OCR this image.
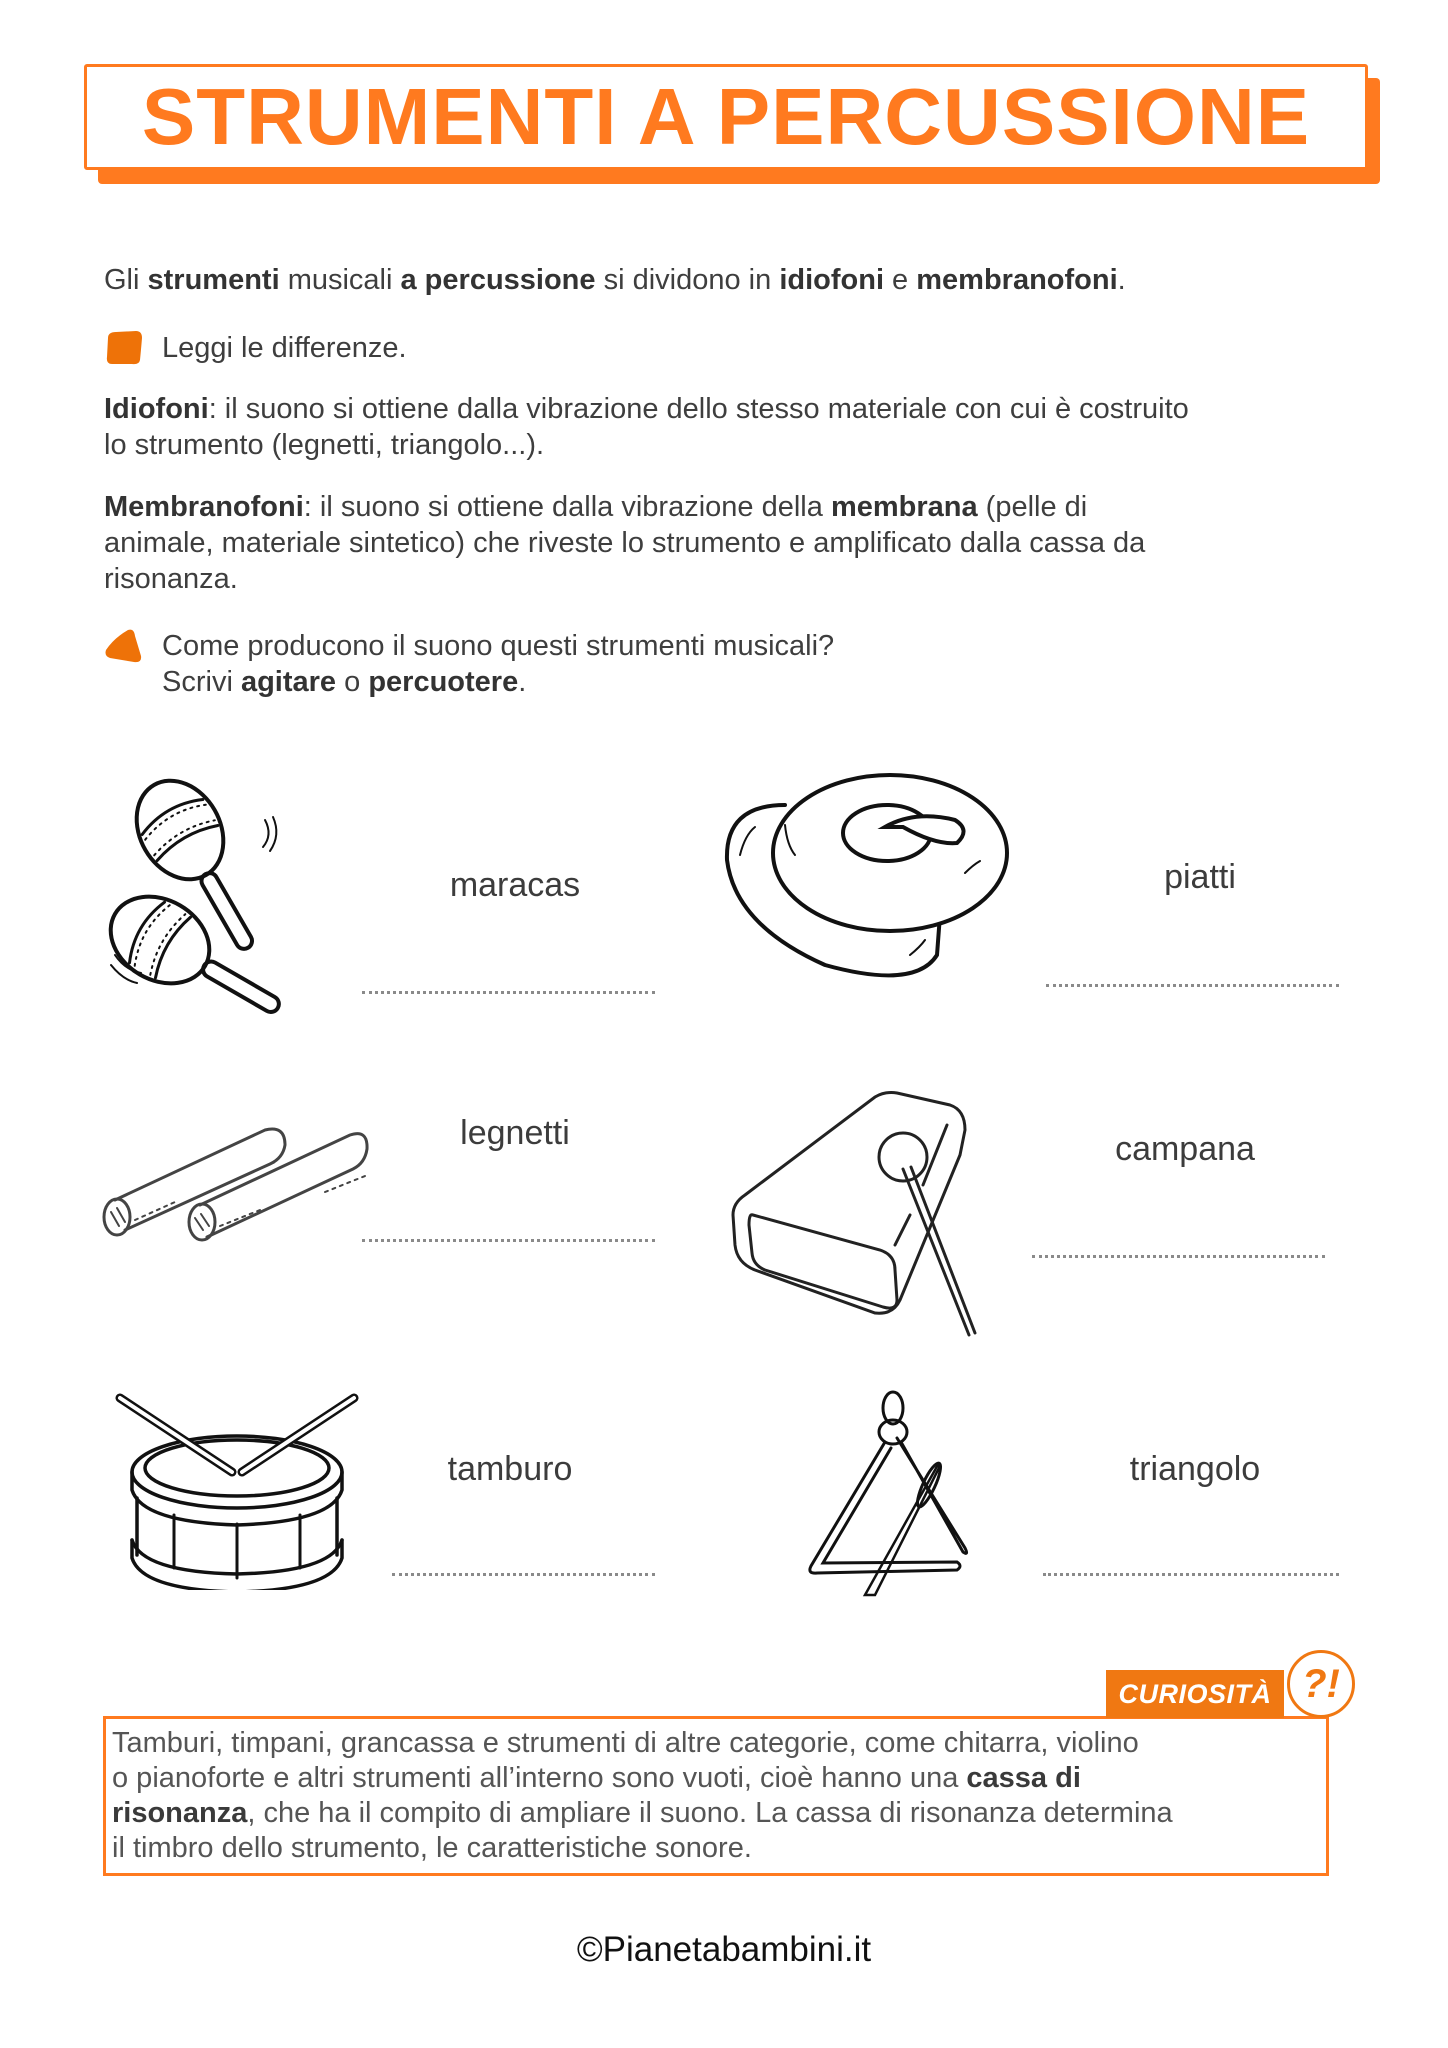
STRUMENTI A PERCUSSIONE

Gli strumenti musicali a percussione si dividono in idiofoni e membranofoni.

Leggi le differenze.

Idiofoni: il suono si ottiene dalla vibrazione dello stesso materiale con cui è costruito
lo strumento (legnetti, triangolo...).

Membranofoni: il suono si ottiene dalla vibrazione della membrana (pelle di
animale, materiale sintetico) che riveste lo strumento e amplificato dalla cassa da
risonanza.

Come producono il suono questi strumenti musicali?
Scrivi agitare o percuotere.
maracas	piatti
legnetti	campana
tamburo	triangolo
CURIOSITÀ ?!
Tamburi, timpani, grancassa e strumenti di altre categorie, come chitarra, violino
o pianoforte e altri strumenti all’interno sono vuoti, cioè hanno una cassa di
risonanza, che ha il compito di ampliare il suono. La cassa di risonanza determina
il timbro dello strumento, le caratteristiche sonore.
©Pianetabambini.it
